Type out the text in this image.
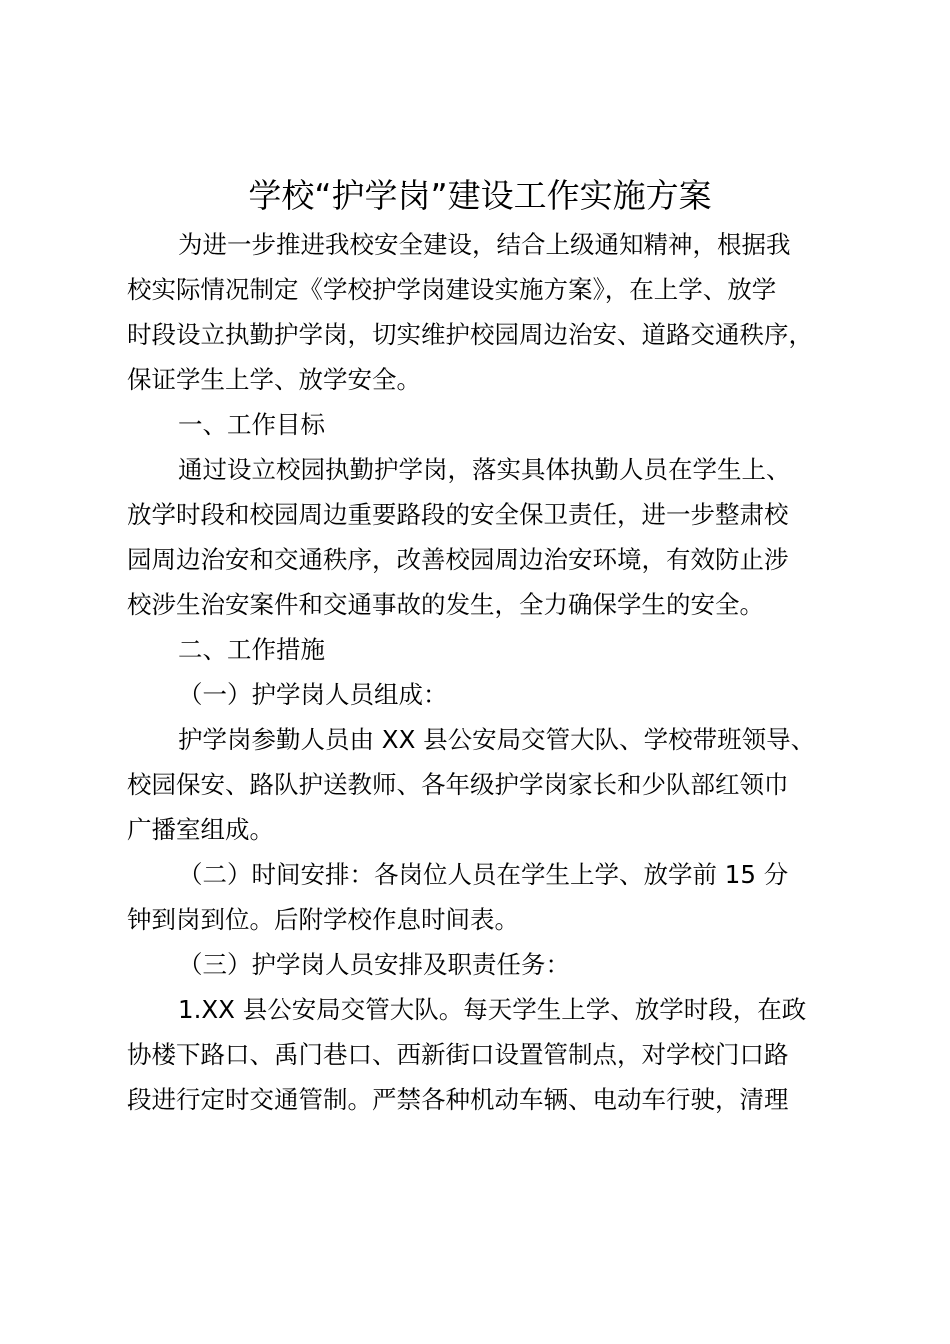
学校“护学岗”建设工作实施方案
为进一步推进我校安全建设，结合上级通知精神，根据我
校实际情况制定《学校护学岗建设实施方案》，在上学、放学
时段设立执勤护学岗，切实维护校园周边治安、道路交通秩序，
保证学生上学、放学安全。
一、工作目标
通过设立校园执勤护学岗，落实具体执勤人员在学生上、
放学时段和校园周边重要路段的安全保卫责任，进一步整肃校
园周边治安和交通秩序，改善校园周边治安环境，有效防止涉
校涉生治安案件和交通事故的发生，全力确保学生的安全。
二、工作措施
（一）护学岗人员组成：
护学岗参勤人员由 XX 县公安局交管大队、学校带班领导、
校园保安、路队护送教师、各年级护学岗家长和少队部红领巾
广播室组成。
（二）时间安排：各岗位人员在学生上学、放学前 15 分
钟到岗到位。后附学校作息时间表。
（三）护学岗人员安排及职责任务：
1.XX 县公安局交管大队。每天学生上学、放学时段，在政
协楼下路口、禹门巷口、西新街口设置管制点，对学校门口路
段进行定时交通管制。严禁各种机动车辆、电动车行驶，清理
